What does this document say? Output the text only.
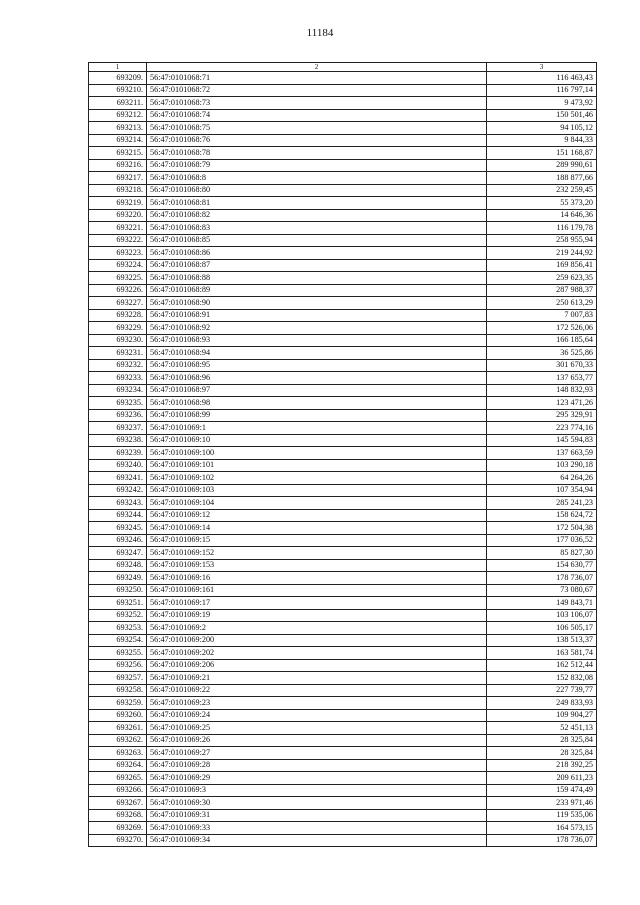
11184
1	2	3
693209.	56:47:0101068:71	116 463,43
693210.	56:47:0101068:72	116 797,14
693211.	56:47:0101068:73	9 473,92
693212.	56:47:0101068:74	150 501,46
693213.	56:47:0101068:75	94 105,12
693214.	56:47:0101068:76	9 844,33
693215.	56:47:0101068:78	151 168,87
693216.	56:47:0101068:79	289 990,61
693217.	56:47:0101068:8	188 877,66
693218.	56:47:0101068:80	232 259,45
693219.	56:47:0101068:81	55 373,20
693220.	56:47:0101068:82	14 646,36
693221.	56:47:0101068:83	116 179,78
693222.	56:47:0101068:85	258 955,94
693223.	56:47:0101068:86	219 244,92
693224.	56:47:0101068:87	169 856,41
693225.	56:47:0101068:88	259 623,35
693226.	56:47:0101068:89	287 988,37
693227.	56:47:0101068:90	250 613,29
693228.	56:47:0101068:91	7 007,83
693229.	56:47:0101068:92	172 526,06
693230.	56:47:0101068:93	166 185,64
693231.	56:47:0101068:94	36 525,86
693232.	56:47:0101068:95	301 670,33
693233.	56:47:0101068:96	137 653,77
693234.	56:47:0101068:97	148 832,93
693235.	56:47:0101068:98	123 471,26
693236.	56:47:0101068:99	295 329,91
693237.	56:47:0101069:1	223 774,16
693238.	56:47:0101069:10	145 594,83
693239.	56:47:0101069:100	137 663,59
693240.	56:47:0101069:101	103 290,18
693241.	56:47:0101069:102	64 264,26
693242.	56:47:0101069:103	107 354,94
693243.	56:47:0101069:104	285 241,23
693244.	56:47:0101069:12	158 624,72
693245.	56:47:0101069:14	172 504,38
693246.	56:47:0101069:15	177 036,52
693247.	56:47:0101069:152	85 827,30
693248.	56:47:0101069:153	154 630,77
693249.	56:47:0101069:16	178 736,07
693250.	56:47:0101069:161	73 080,67
693251.	56:47:0101069:17	149 843,71
693252.	56:47:0101069:19	103 106,07
693253.	56:47:0101069:2	106 505,17
693254.	56:47:0101069:200	138 513,37
693255.	56:47:0101069:202	163 581,74
693256.	56:47:0101069:206	162 512,44
693257.	56:47:0101069:21	152 832,08
693258.	56:47:0101069:22	227 739,77
693259.	56:47:0101069:23	249 833,93
693260.	56:47:0101069:24	109 904,27
693261.	56:47:0101069:25	52 451,13
693262.	56:47:0101069:26	28 325,84
693263.	56:47:0101069:27	28 325,84
693264.	56:47:0101069:28	218 392,25
693265.	56:47:0101069:29	209 611,23
693266.	56:47:0101069:3	159 474,49
693267.	56:47:0101069:30	233 971,46
693268.	56:47:0101069:31	119 535,06
693269.	56:47:0101069:33	164 573,15
693270.	56:47:0101069:34	178 736,07
